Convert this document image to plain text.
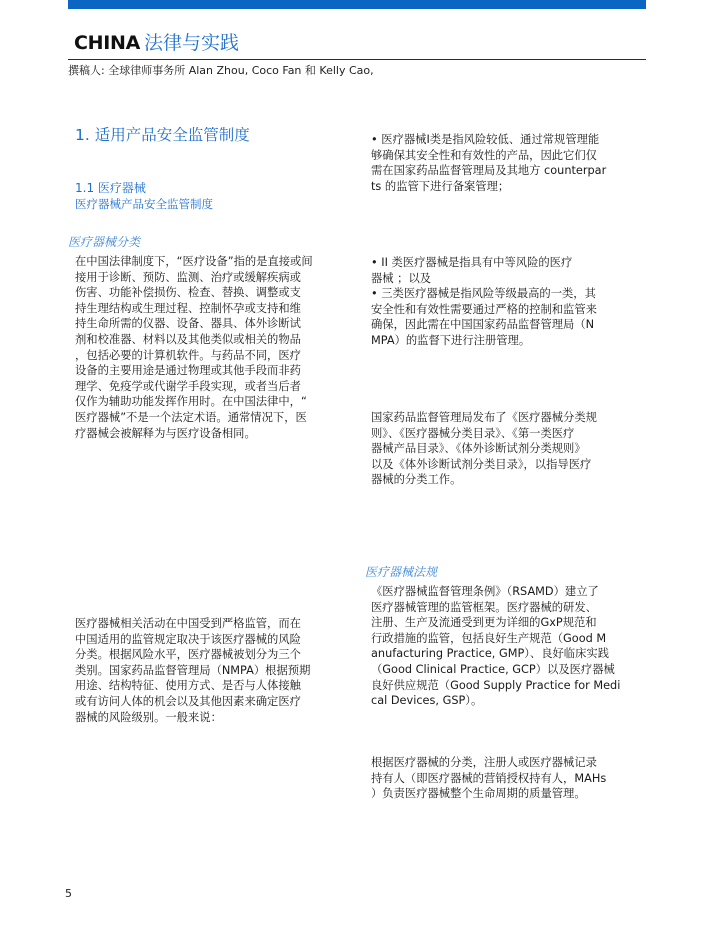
CHINA 法律与实践
撰稿人: 全球律师事务所 Alan Zhou, Coco Fan 和 Kelly Cao,
1. 适用产品安全监管制度
1.1 医疗器械
医疗器械产品安全监管制度
医疗器械分类
在中国法律制度下，“医疗设备”指的是直接或间
接用于诊断、预防、监测、治疗或缓解疾病或
伤害、功能补偿损伤、检查、替换、调整或支
持生理结构或生理过程、控制怀孕或支持和维
持生命所需的仪器、设备、器具、体外诊断试
剂和校准器、材料以及其他类似或相关的物品
，包括必要的计算机软件。与药品不同，医疗
设备的主要用途是通过物理或其他手段而非药
理学、免疫学或代谢学手段实现，或者当后者
仅作为辅助功能发挥作用时。在中国法律中，“
医疗器械”不是一个法定术语。通常情况下，医
疗器械会被解释为与医疗设备相同。
医疗器械相关活动在中国受到严格监管，而在
中国适用的监管规定取决于该医疗器械的风险
分类。根据风险水平，医疗器械被划分为三个
类别。国家药品监督管理局（NMPA）根据预期
用途、结构特征、使用方式、是否与人体接触
或有访问人体的机会以及其他因素来确定医疗
器械的风险级别。一般来说：
• 医疗器械I类是指风险较低、通过常规管理能
够确保其安全性和有效性的产品，因此它们仅
需在国家药品监督管理局及其地方 counterpar
ts 的监管下进行备案管理；
• II 类医疗器械是指具有中等风险的医疗
器械 ；以及
• 三类医疗器械是指风险等级最高的一类，其
安全性和有效性需要通过严格的控制和监管来
确保，因此需在中国国家药品监督管理局（N
MPA）的监督下进行注册管理。
国家药品监督管理局发布了《医疗器械分类规
则》、《医疗器械分类目录》、《第一类医疗
器械产品目录》、《体外诊断试剂分类规则》
以及《体外诊断试剂分类目录》，以指导医疗
器械的分类工作。
医疗器械法规
《医疗器械监督管理条例》（RSAMD）建立了
医疗器械管理的监管框架。医疗器械的研发、
注册、生产及流通受到更为详细的GxP规范和
行政措施的监管，包括良好生产规范（Good M
anufacturing Practice, GMP）、良好临床实践
（Good Clinical Practice, GCP）以及医疗器械
良好供应规范（Good Supply Practice for Medi
cal Devices, GSP）。
根据医疗器械的分类，注册人或医疗器械记录
持有人（即医疗器械的营销授权持有人，MAHs
）负责医疗器械整个生命周期的质量管理。
5
